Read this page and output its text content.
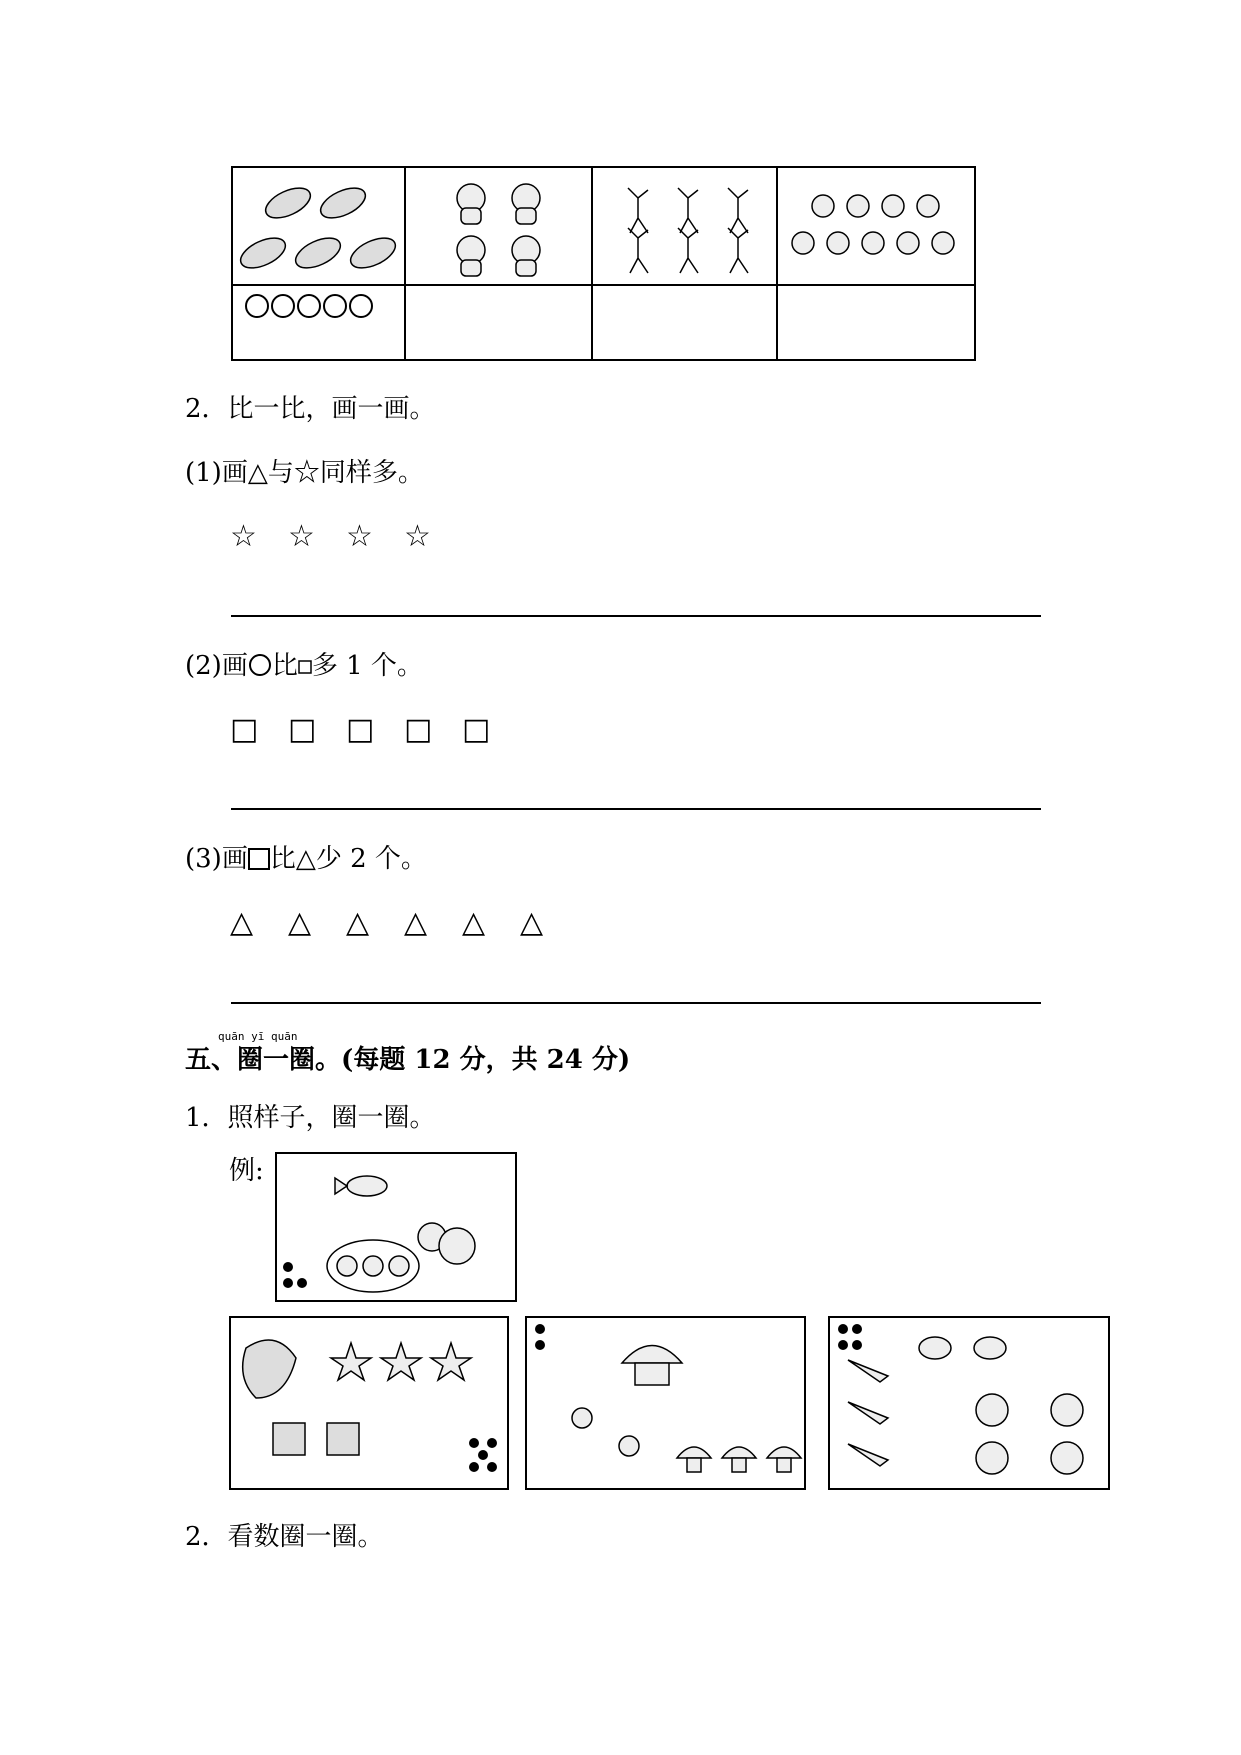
2．比一比，画一画。
(1)画△与☆同样多。
☆ ☆ ☆ ☆
(2)画 比 多 1 个。
□ □ □ □ □
(3)画 比△少 2 个。
△ △ △ △ △ △
quān yī quān
五、圈一圈。(每题 12 分，共 24 分)
1．照样子，圈一圈。
例:
2．看数圈一圈。
